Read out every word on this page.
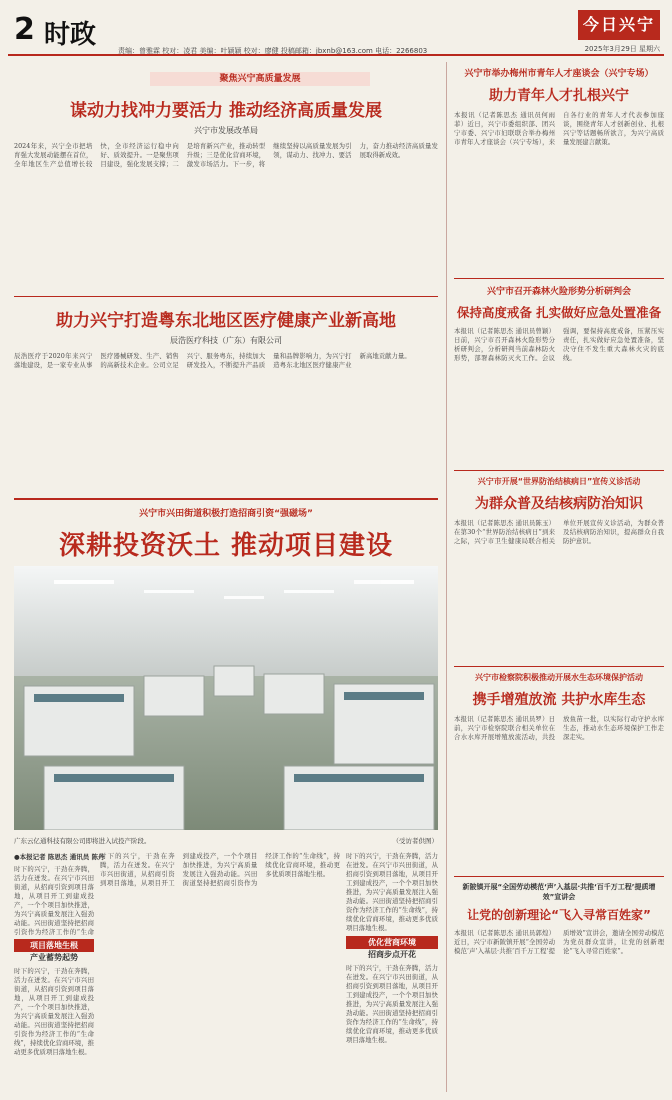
2 时政
责编：曾雅霖 校对：凌君 美编：叶颖颖 校对：廖健 投稿邮箱：jbxnb@163.com 电话：2266803
今日兴宁
2025年3月29日 星期六
聚焦兴宁高质量发展
谋动力找冲力要活力 推动经济高质量发展
兴宁市发展改革局
2024年来，兴宁全市把培育强大发展动能摆在首位，全年地区生产总值增长较快，全市经济运行稳中向好、质效提升。一是聚焦项目建设，强化发展支撑；二是培育新兴产业，推动转型升级；三是优化营商环境，激发市场活力。下一步，将继续坚持以高质量发展为引领，谋动力、找冲力、要活力，奋力推动经济高质量发展取得新成效。
助力兴宁打造粤东北地区医疗健康产业新高地
辰浩医疗科技（广东）有限公司
辰浩医疗于2020年来兴宁落地建设，是一家专业从事医疗器械研发、生产、销售的高新技术企业。公司立足兴宁、服务粤东，持续加大研发投入，不断提升产品质量和品牌影响力，为兴宁打造粤东北地区医疗健康产业新高地贡献力量。
兴宁市兴田街道积极打造招商引资“强磁场”
深耕投资沃土 推动项目建设
广东云亿通科技有限公司即将进入试投产阶段。	（受访者供图）
●本报记者 陈思杰 通讯员 陈丹
时下的兴宁，干劲在奔腾，活力在迸发。在兴宁市兴田街道，从招商引资到项目落地，从项目开工到建成投产，一个个项目加快推进，为兴宁高质量发展注入强劲动能。兴田街道坚持把招商引资作为经济工作的“生命
项目落地生根
产业蓄势起势
时下的兴宁，干劲在奔腾，活力在迸发。在兴宁市兴田街道，从招商引资到项目落地，从项目开工到建成投产，一个个项目加快推进，为兴宁高质量发展注入强劲动能。兴田街道坚持把招商引资作为经济工作的“生命线”，持续优化营商环境，推动更多优质项目落地生根。
时下的兴宁，干劲在奔腾，活力在迸发。在兴宁市兴田街道，从招商引资到项目落地，从项目开工到建成投产，一个个项目加快推进，为兴宁高质量发展注入强劲动能。兴田街道坚持把招商引资作为经济工作的“生命线”，持续优化营商环境，推动更多优质项目落地生根。
时下的兴宁，干劲在奔腾，活力在迸发。在兴宁市兴田街道，从招商引资到项目落地，从项目开工到建成投产，一个个项目加快推进，为兴宁高质量发展注入强劲动能。兴田街道坚持把招商引资作为经济工作的“生命线”，持续优化营商环境，推动更多优质项目落地生根。
优化营商环境
招商步点开花
时下的兴宁，干劲在奔腾，活力在迸发。在兴宁市兴田街道，从招商引资到项目落地，从项目开工到建成投产，一个个项目加快推进，为兴宁高质量发展注入强劲动能。兴田街道坚持把招商引资作为经济工作的“生命线”，持续优化营商环境，推动更多优质项目落地生根。
兴宁市举办梅州市青年人才座谈会（兴宁专场）
助力青年人才扎根兴宁
本报讯（记者陈思杰 通讯员何雨菲）近日，兴宁市委组织部、团兴宁市委、兴宁市妇联联合举办梅州市青年人才座谈会（兴宁专场），来自各行业的青年人才代表参加座谈，围绕青年人才创新创业、扎根兴宁等话题畅所欲言，为兴宁高质量发展建言献策。
兴宁市召开森林火险形势分析研判会
保持高度戒备 扎实做好应急处置准备
本报讯（记者陈思杰 通讯员曾颖）日前，兴宁市召开森林火险形势分析研判会，分析研判当前森林防火形势，部署森林防灭火工作。会议强调，要保持高度戒备，压紧压实责任，扎实做好应急处置准备，坚决守住不发生重大森林火灾的底线。
兴宁市开展“世界防治结核病日”宣传义诊活动
为群众普及结核病防治知识
本报讯（记者陈思杰 通讯员陈玉）在第30个“世界防治结核病日”到来之际，兴宁市卫生健康局联合相关单位开展宣传义诊活动，为群众普及结核病防治知识，提高群众自我防护意识。
兴宁市检察院积极推动开展水生态环境保护活动
携手增殖放流 共护水库生态
本报讯（记者陈思杰 通讯员罗）日前，兴宁市检察院联合相关单位在合水水库开展增殖放流活动，共投放鱼苗一批，以实际行动守护水库生态，推动水生态环境保护工作走深走实。
新陂镇开展“全国劳动模范‘声’入基层·共推‘百千万工程’提质增效”宣讲会
让党的创新理论“飞入寻常百姓家”
本报讯（记者陈思杰 通讯员郭煌）近日，兴宁市新陂镇开展“全国劳动模范‘声’入基层·共推‘百千万工程’提质增效”宣讲会，邀请全国劳动模范为党员群众宣讲，让党的创新理论“飞入寻常百姓家”。
